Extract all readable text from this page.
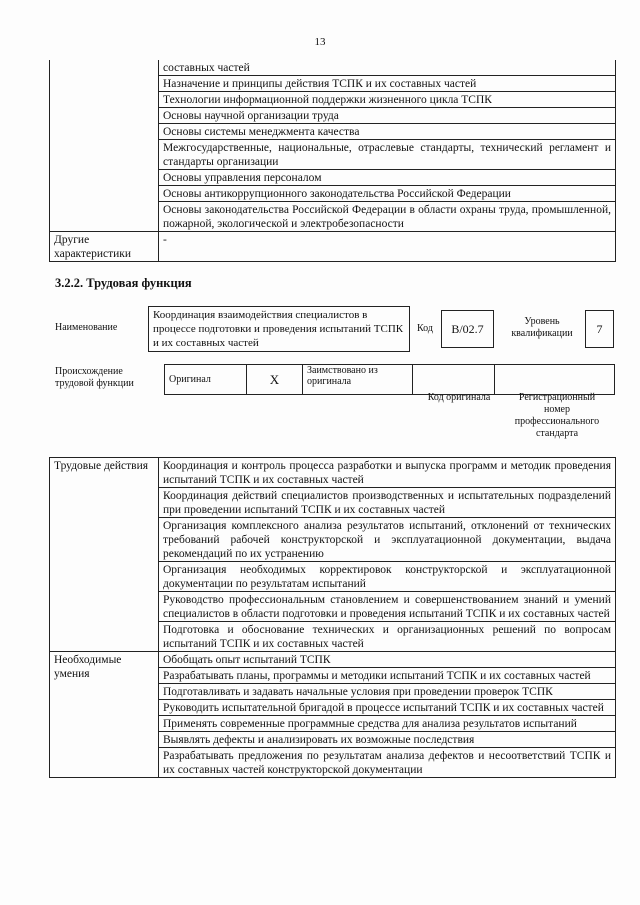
13
	составных частей
	Назначение и принципы действия ТСПК и их составных частей
	Технологии информационной поддержки жизненного цикла ТСПК
	Основы научной организации труда
	Основы системы менеджмента качества
	Межгосударственные, национальные, отраслевые стандарты, технический регламент и стандарты организации
	Основы управления персоналом
	Основы антикоррупционного законодательства Российской Федерации
	Основы законодательства Российской Федерации в области охраны труда, промышленной, пожарной, экологической и электробезопасности
Другие характеристики	-
3.2.2. Трудовая функция
Наименование
Координация взаимодействия специалистов в процессе подготовки и проведения испытаний ТСПК и их составных частей
Код	B/02.7
Уровень квалификации	7
Происхождение трудовой функции	Оригинал	X	Заимствовано из оригинала		
Код оригинала	Регистрационный номер профессионального стандарта
Трудовые действия	Координация и контроль процесса разработки и выпуска программ и методик проведения испытаний ТСПК и их составных частей
	Координация действий специалистов производственных и испытательных подразделений при проведении испытаний ТСПК и их составных частей
	Организация комплексного анализа результатов испытаний, отклонений от технических требований рабочей конструкторской и эксплуатационной документации, выдача рекомендаций по их устранению
	Организация необходимых корректировок конструкторской и эксплуатационной документации по результатам испытаний
	Руководство профессиональным становлением и совершенствованием знаний и умений специалистов в области подготовки и проведения испытаний ТСПК и их составных частей
	Подготовка и обоснование технических и организационных решений по вопросам испытаний ТСПК и их составных частей
Необходимые умения	Обобщать опыт испытаний ТСПК
	Разрабатывать планы, программы и методики испытаний ТСПК и их составных частей
	Подготавливать и задавать начальные условия при проведении проверок ТСПК
	Руководить испытательной бригадой в процессе испытаний ТСПК и их составных частей
	Применять современные программные средства для анализа результатов испытаний
	Выявлять дефекты и анализировать их возможные последствия
	Разрабатывать предложения по результатам анализа дефектов и несоответствий ТСПК и их составных частей конструкторской документации
